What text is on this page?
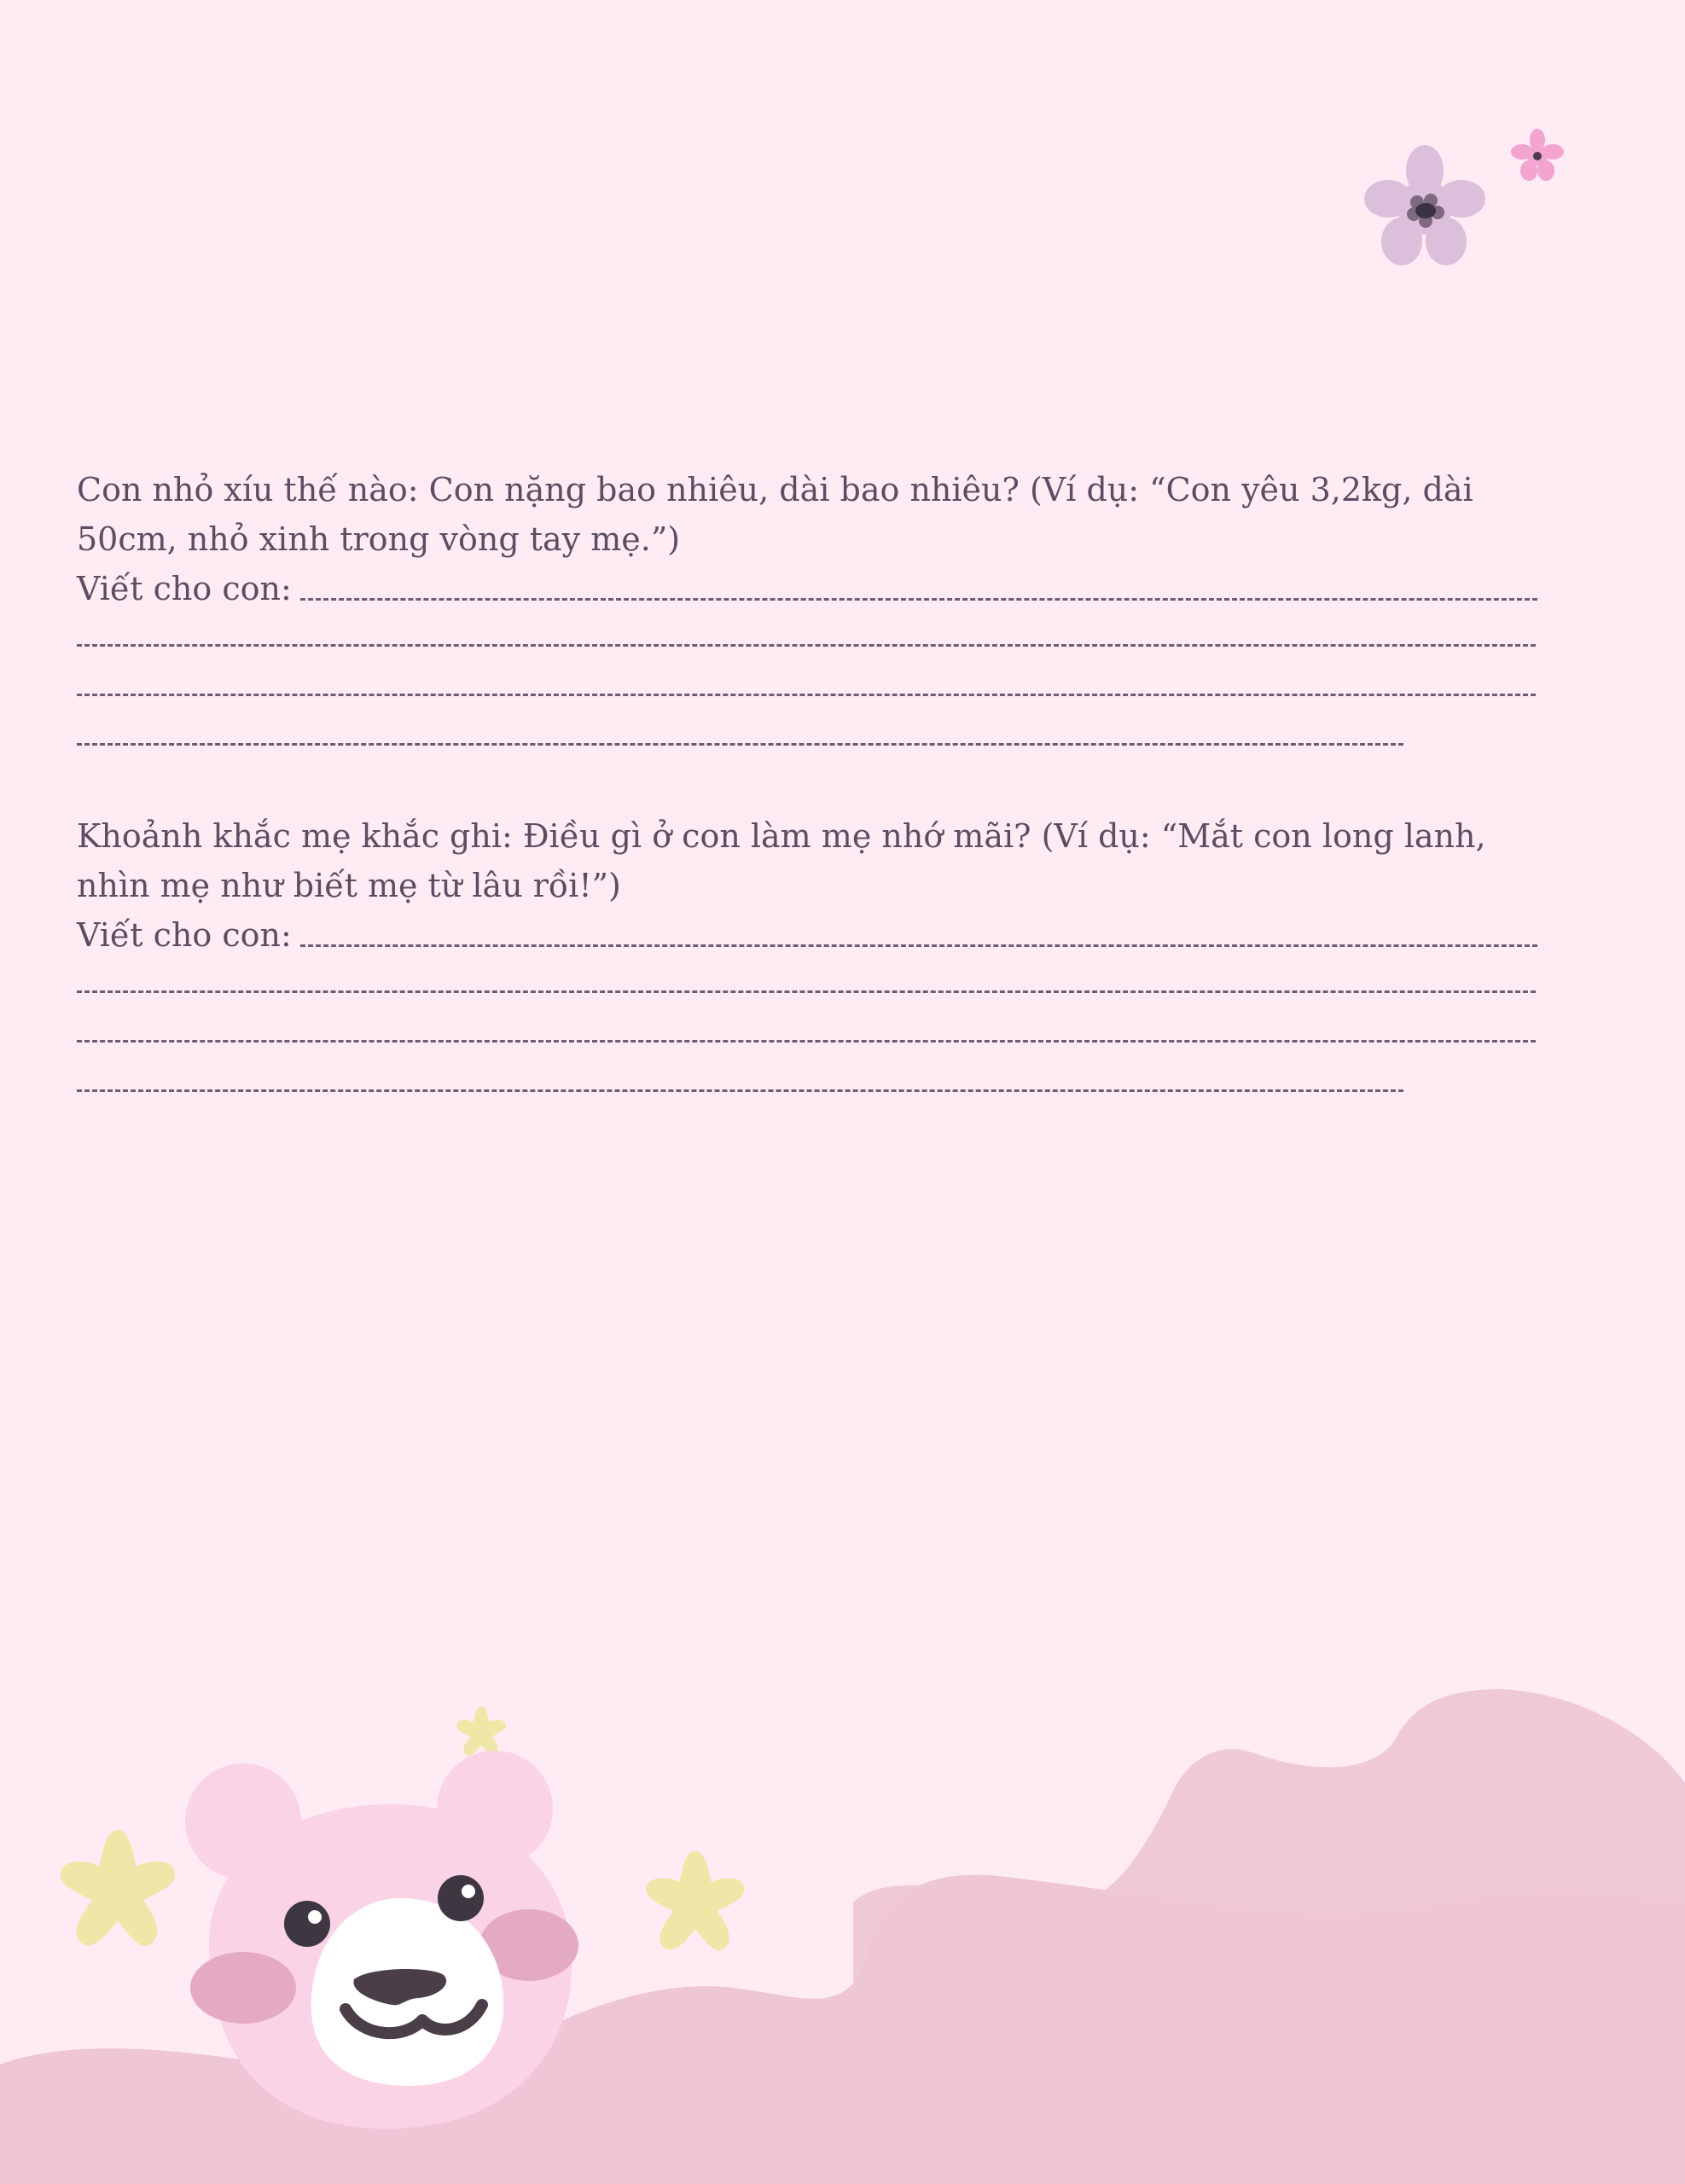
Con nhỏ xíu thế nào: Con nặng bao nhiêu, dài bao nhiêu? (Ví dụ: “Con yêu 3,2kg, dài 50cm, nhỏ xinh trong vòng tay mẹ.”)

Viết cho con:

Khoảnh khắc mẹ khắc ghi: Điều gì ở con làm mẹ nhớ mãi? (Ví dụ: “Mắt con long lanh, nhìn mẹ như biết mẹ từ lâu rồi!”)

Viết cho con:
